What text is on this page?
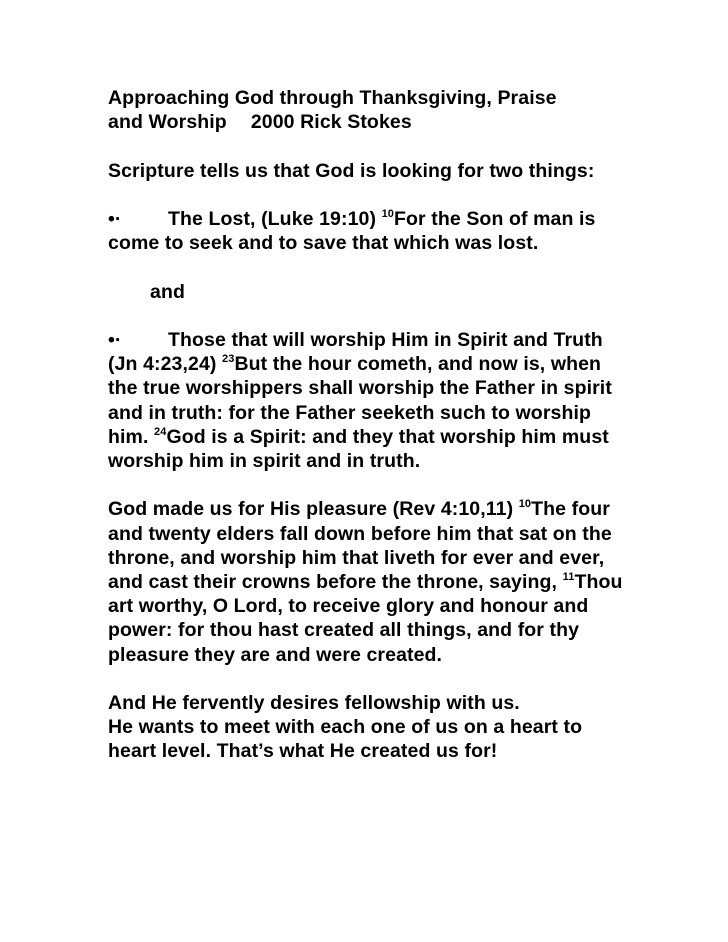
Approaching God through Thanksgiving, Praise
and Worship 2000 Rick Stokes

Scripture tells us that God is looking for two things:

•· The Lost, (Luke 19:10) $^{10}$For the Son of man is come to seek and to save that which was lost.

and

•· Those that will worship Him in Spirit and Truth (Jn 4:23,24) $^{23}$But the hour cometh, and now is, when the true worshippers shall worship the Father in spirit and in truth: for the Father seeketh such to worship him. $^{24}$God is a Spirit: and they that worship him must worship him in spirit and in truth.

God made us for His pleasure (Rev 4:10,11) $^{10}$The four and twenty elders fall down before him that sat on the throne, and worship him that liveth for ever and ever, and cast their crowns before the throne, saying, $^{11}$Thou art worthy, O Lord, to receive glory and honour and power: for thou hast created all things, and for thy pleasure they are and were created.

And He fervently desires fellowship with us.
He wants to meet with each one of us on a heart to heart level. That’s what He created us for!
